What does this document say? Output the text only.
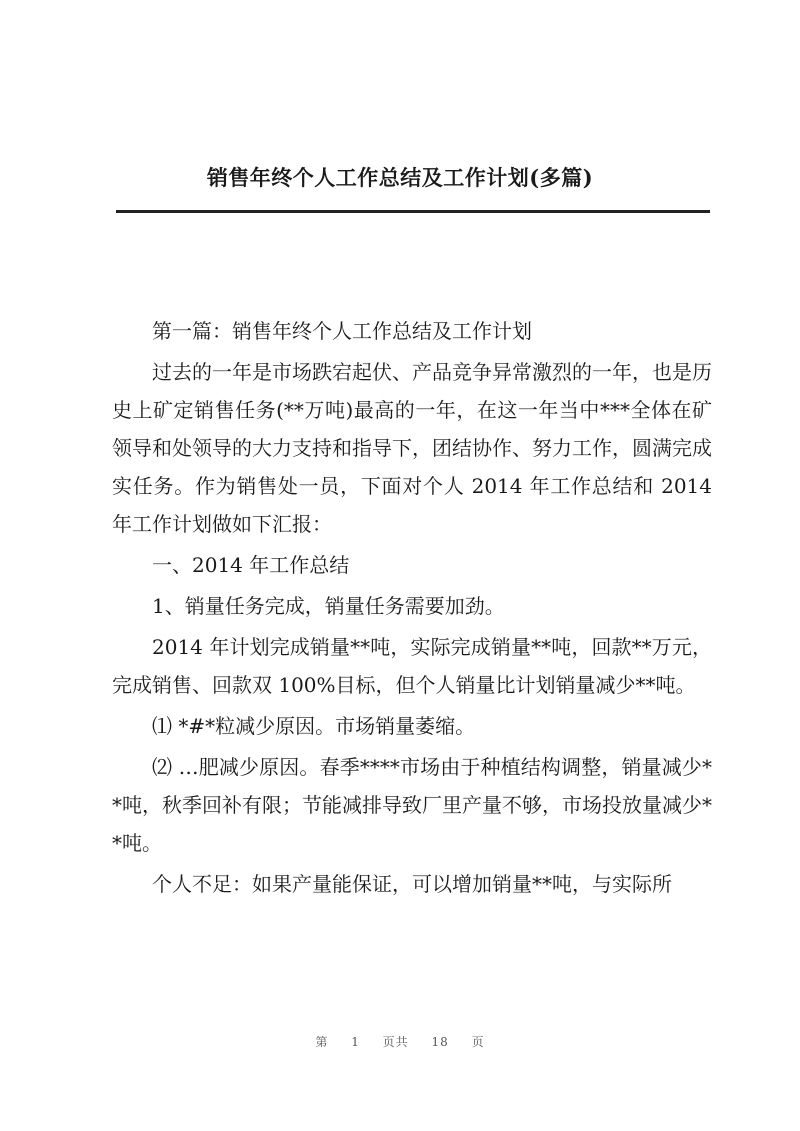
销售年终个人工作总结及工作计划(多篇)

第一篇：销售年终个人工作总结及工作计划

过去的一年是市场跌宕起伏、产品竞争异常激烈的一年，也是历史上矿定销售任务(**万吨)最高的一年，在这一年当中***全体在矿领导和处领导的大力支持和指导下，团结协作、努力工作，圆满完成实任务。作为销售处一员，下面对个人 2014 年工作总结和 2014 年工作计划做如下汇报：

一、2014 年工作总结

1、销量任务完成，销量任务需要加劲。

2014 年计划完成销量**吨，实际完成销量**吨，回款**万元，完成销售、回款双 100%目标，但个人销量比计划销量减少**吨。

⑴ *#*粒减少原因。市场销量萎缩。

⑵ …肥减少原因。春季****市场由于种植结构调整，销量减少**吨，秋季回补有限；节能减排导致厂里产量不够，市场投放量减少**吨。

个人不足：如果产量能保证，可以增加销量**吨，与实际所

第 1 页共 18 页
